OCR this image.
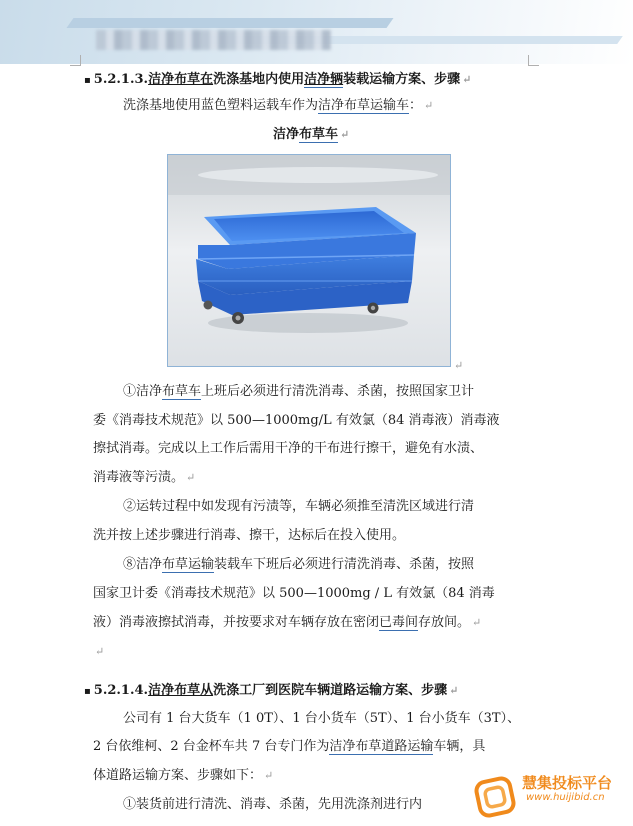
▪ 5.2.1.3.洁净布草在洗涤基地内使用洁净辆装载运输方案、步骤 ↵
洗涤基地使用蓝色塑料运载车作为洁净布草运输车： ↵
洁净布草车 ↵
↵
①洁净布草车上班后必须进行清洗消毒、杀菌，按照国家卫计
委《消毒技术规范》以 500—1000mg/L 有效氯（84 消毒液）消毒液
擦拭消毒。完成以上工作后需用干净的干布进行擦干，避免有水渍、
消毒液等污渍。 ↵
②运转过程中如发现有污渍等，车辆必须推至清洗区域进行清
洗并按上述步骤进行消毒、擦干，达标后在投入使用。
⑧洁净布草运输装载车下班后必须进行清洗消毒、杀菌，按照
国家卫计委《消毒技术规范》以 500—1000mg / L 有效氯（84 消毒
液）消毒液擦拭消毒，并按要求对车辆存放在密闭已毒间存放间。 ↵
↵
▪ 5.2.1.4.洁净布草从洗涤工厂到医院车辆道路运输方案、步骤 ↵
公司有 1 台大货车（1 0T）、1 台小货车（5T）、1 台小货车（3T）、
2 台依维柯、2 台金杯车共 7 台专门作为洁净布草道路运输车辆，具
体道路运输方案、步骤如下： ↵
①装货前进行清洗、消毒、杀菌，先用洗涤剂进行内
慧集投标平台
www.huijibid.cn
